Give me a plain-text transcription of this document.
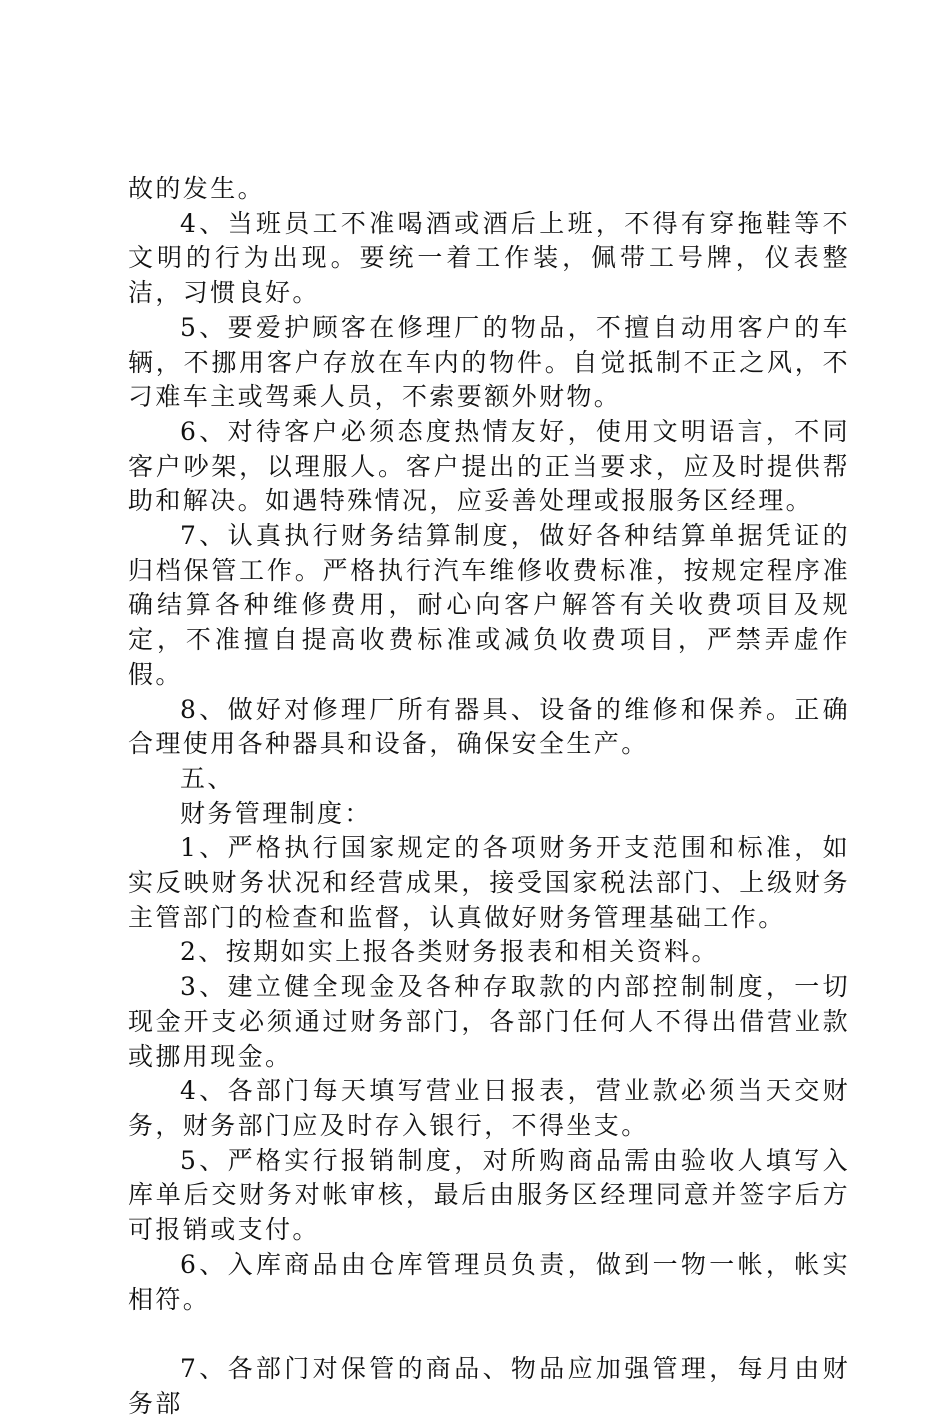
故的发生。

4、当班员工不准喝酒或酒后上班，不得有穿拖鞋等不文明的行为出现。要统一着工作装，佩带工号牌，仪表整洁，习惯良好。

5、要爱护顾客在修理厂的物品，不擅自动用客户的车辆，不挪用客户存放在车内的物件。自觉抵制不正之风，不刁难车主或驾乘人员，不索要额外财物。

6、对待客户必须态度热情友好，使用文明语言，不同客户吵架，以理服人。客户提出的正当要求，应及时提供帮助和解决。如遇特殊情况，应妥善处理或报服务区经理。

7、认真执行财务结算制度，做好各种结算单据凭证的归档保管工作。严格执行汽车维修收费标准，按规定程序准确结算各种维修费用，耐心向客户解答有关收费项目及规定，不准擅自提高收费标准或减负收费项目，严禁弄虚作假。

8、做好对修理厂所有器具、设备的维修和保养。正确合理使用各种器具和设备，确保安全生产。

五、

财务管理制度：

1、严格执行国家规定的各项财务开支范围和标准，如实反映财务状况和经营成果，接受国家税法部门、上级财务主管部门的检查和监督，认真做好财务管理基础工作。

2、按期如实上报各类财务报表和相关资料。

3、建立健全现金及各种存取款的内部控制制度，一切现金开支必须通过财务部门，各部门任何人不得出借营业款或挪用现金。

4、各部门每天填写营业日报表，营业款必须当天交财务，财务部门应及时存入银行，不得坐支。

5、严格实行报销制度，对所购商品需由验收人填写入库单后交财务对帐审核，最后由服务区经理同意并签字后方可报销或支付。

6、入库商品由仓库管理员负责，做到一物一帐，帐实相符。

7、各部门对保管的商品、物品应加强管理，每月由财务部
